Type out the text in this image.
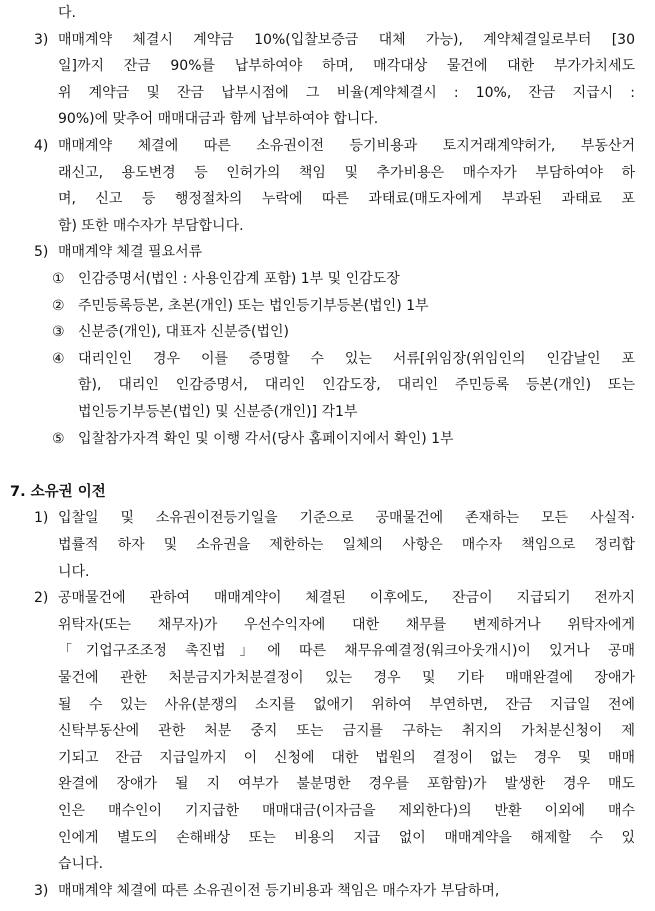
다.
3) 매매계약 체결시 계약금 10%(입찰보증금 대체 가능), 계약체결일로부터 [30
일]까지 잔금 90%를 납부하여야 하며, 매각대상 물건에 대한 부가가치세도
위 계약금 및 잔금 납부시점에 그 비율(계약체결시 : 10%, 잔금 지급시 :
90%)에 맞추어 매매대금과 함께 납부하여야 합니다.
4) 매매계약 체결에 따른 소유권이전 등기비용과 토지거래계약허가, 부동산거
래신고, 용도변경 등 인허가의 책임 및 추가비용은 매수자가 부담하여야 하
며, 신고 등 행정절차의 누락에 따른 과태료(매도자에게 부과된 과태료 포
함) 또한 매수자가 부담합니다.
5) 매매계약 체결 필요서류
① 인감증명서(법인 : 사용인감계 포함) 1부 및 인감도장
② 주민등록등본, 초본(개인) 또는 법인등기부등본(법인) 1부
③ 신분증(개인), 대표자 신분증(법인)
④ 대리인인 경우 이를 증명할 수 있는 서류[위임장(위임인의 인감날인 포
함), 대리인 인감증명서, 대리인 인감도장, 대리인 주민등록 등본(개인) 또는
법인등기부등본(법인) 및 신분증(개인)] 각1부
⑤ 입찰참가자격 확인 및 이행 각서(당사 홈페이지에서 확인) 1부
7. 소유권 이전
1) 입찰일 및 소유권이전등기일을 기준으로 공매물건에 존재하는 모든 사실적·
법률적 하자 및 소유권을 제한하는 일체의 사항은 매수자 책임으로 정리합
니다.
2) 공매물건에 관하여 매매계약이 체결된 이후에도, 잔금이 지급되기 전까지
위탁자(또는 채무자)가 우선수익자에 대한 채무를 변제하거나 위탁자에게
「기업구조조정 촉진법」에 따른 채무유예결정(워크아웃개시)이 있거나 공매
물건에 관한 처분금지가처분결정이 있는 경우 및 기타 매매완결에 장애가
될 수 있는 사유(분쟁의 소지를 없애기 위하여 부연하면, 잔금 지급일 전에
신탁부동산에 관한 처분 중지 또는 금지를 구하는 취지의 가처분신청이 제
기되고 잔금 지급일까지 이 신청에 대한 법원의 결정이 없는 경우 및 매매
완결에 장애가 될 지 여부가 불분명한 경우를 포함함)가 발생한 경우 매도
인은 매수인이 기지급한 매매대금(이자금을 제외한다)의 반환 이외에 매수
인에게 별도의 손해배상 또는 비용의 지급 없이 매매계약을 해제할 수 있
습니다.
3) 매매계약 체결에 따른 소유권이전 등기비용과 책임은 매수자가 부담하며,
